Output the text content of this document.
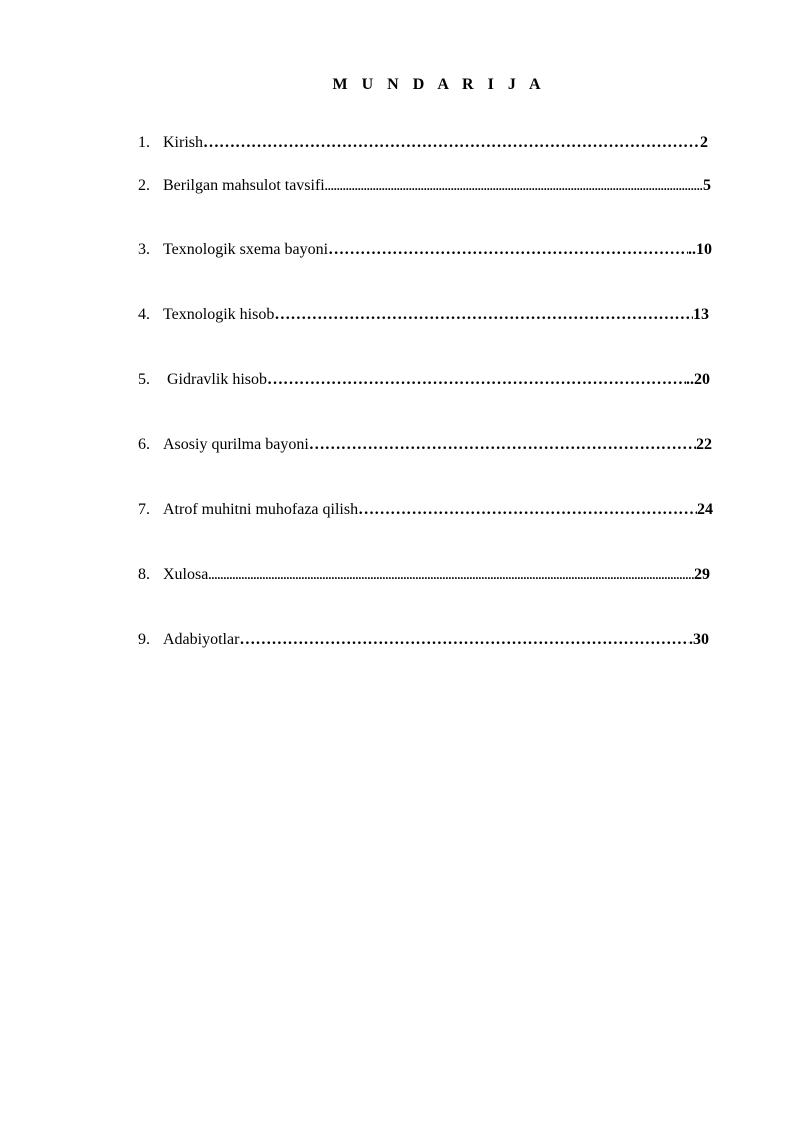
M U N D A R I J A
1. Kirish ……………………………………………………………………………………………………………………………………	2
2. Berilgan mahsulot tavsifi .....	5
3. Texnologik sxema bayoni ……………………………………………………………………………………………………………………………………	..10
4. Texnologik hisob ……………………………………………………………………………………………………………………………………	13
5.	Gidravlik hisob ……………………………………………………………………………………………………………………………………	..20
6. Asosiy qurilma bayoni ……………………………………………………………………………………………………………………………………	22
7. Atrof muhitni muhofaza qilish ……………………………………………………………………………………………………………………………………	24
8. Xulosa .....	29
9. Adabiyotlar ……………………………………………………………………………………………………………………………………	.30
